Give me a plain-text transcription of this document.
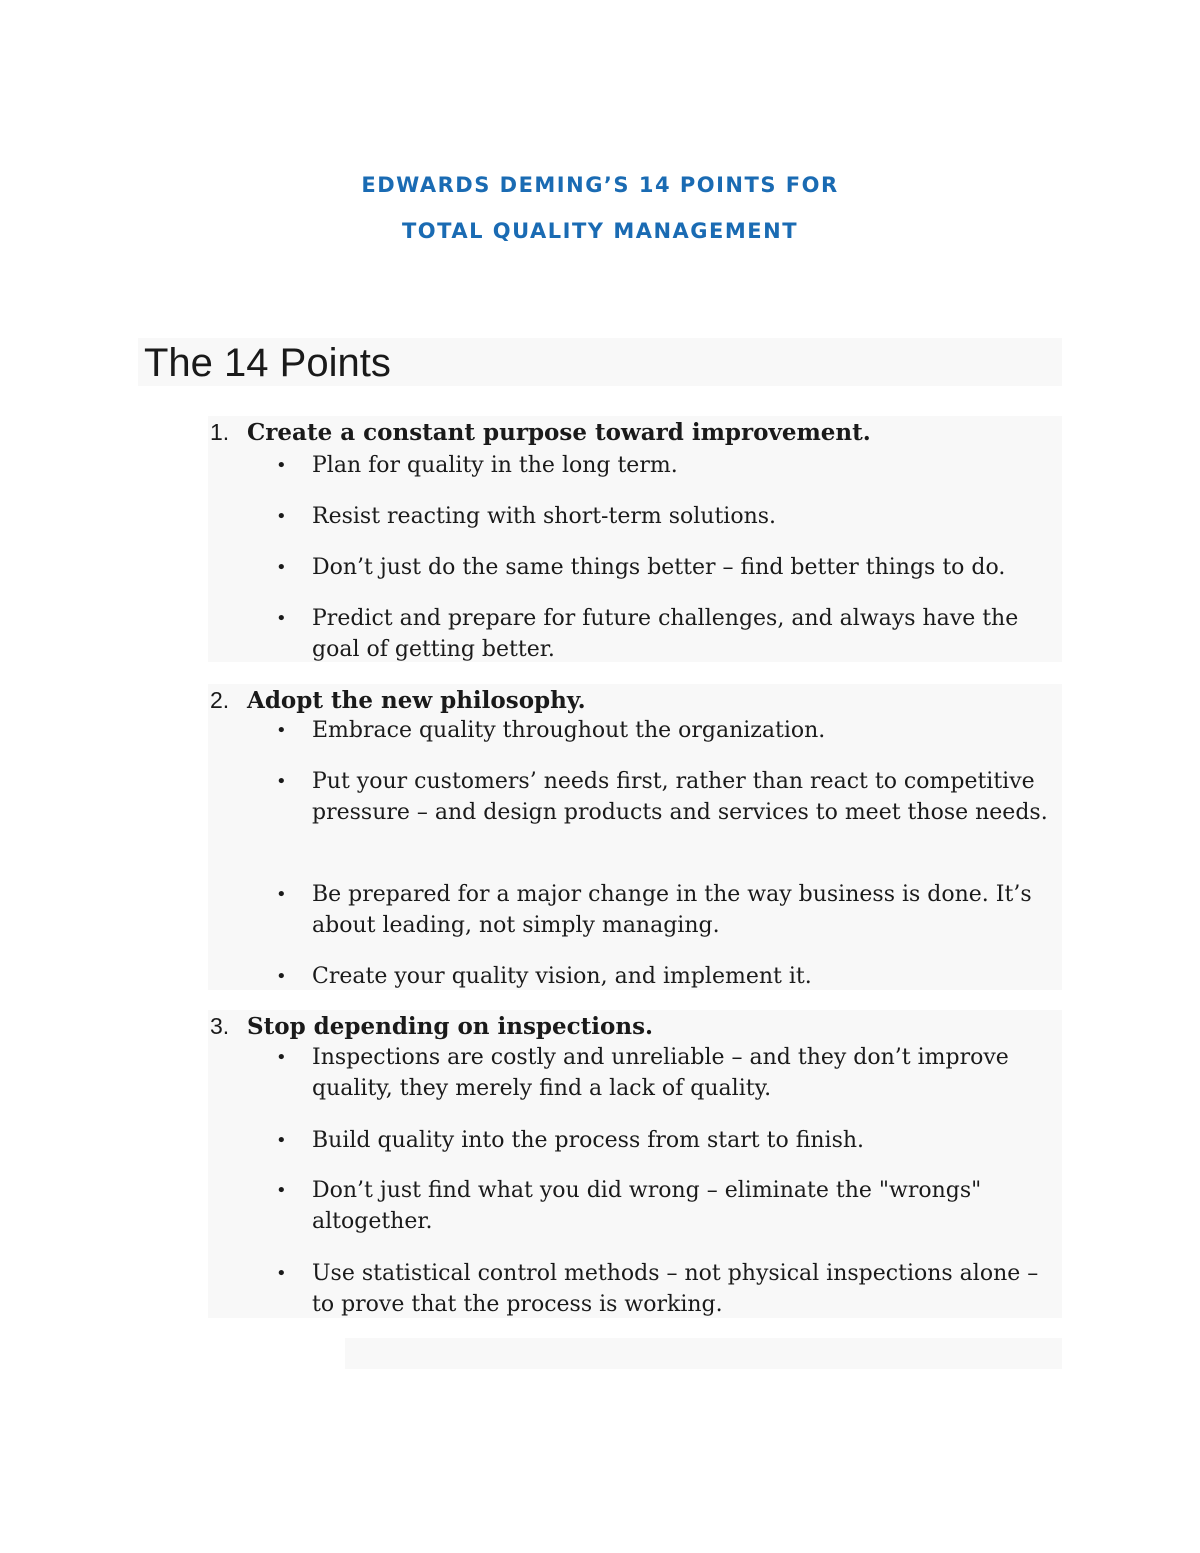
EDWARDS DEMING’S 14 POINTS FOR
TOTAL QUALITY MANAGEMENT
The 14 Points
1. Create a constant purpose toward improvement.
• Plan for quality in the long term.
• Resist reacting with short-term solutions.
• Don’t just do the same things better – find better things to do.
• Predict and prepare for future challenges, and always have the goal of getting better.
2. Adopt the new philosophy.
• Embrace quality throughout the organization.
• Put your customers’ needs first, rather than react to competitive pressure – and design products and services to meet those needs.
• Be prepared for a major change in the way business is done. It’s about leading, not simply managing.
• Create your quality vision, and implement it.
3. Stop depending on inspections.
• Inspections are costly and unreliable – and they don’t improve quality, they merely find a lack of quality.
• Build quality into the process from start to finish.
• Don’t just find what you did wrong – eliminate the "wrongs" altogether.
• Use statistical control methods – not physical inspections alone – to prove that the process is working.
